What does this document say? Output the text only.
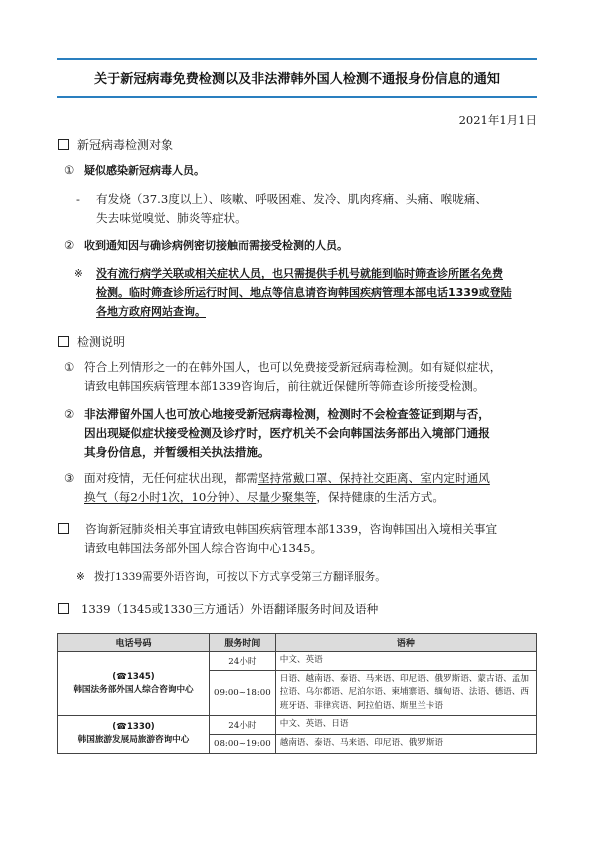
关于新冠病毒免费检测以及非法滞韩外国人检测不通报身份信息的通知
2021年1月1日
新冠病毒检测对象
① 疑似感染新冠病毒人员。
- 有发烧（37.3度以上）、咳嗽、呼吸困难、发冷、肌肉疼痛、头痛、喉咙痛、
失去味觉嗅觉、肺炎等症状。
② 收到通知因与确诊病例密切接触而需接受检测的人员。
※ 没有流行病学关联或相关症状人员，也只需提供手机号就能到临时筛查诊所匿名免费
检测。临时筛查诊所运行时间、地点等信息请咨询韩国疾病管理本部电话1339或登陆
各地方政府网站查询。
检测说明
① 符合上列情形之一的在韩外国人，也可以免费接受新冠病毒检测。如有疑似症状，
请致电韩国疾病管理本部1339咨询后，前往就近保健所等筛查诊所接受检测。
② 非法滞留外国人也可放心地接受新冠病毒检测，检测时不会检查签证到期与否，
因出现疑似症状接受检测及诊疗时，医疗机关不会向韩国法务部出入境部门通报
其身份信息，并暂缓相关执法措施。
③ 面对疫情，无任何症状出现，都需坚持常戴口罩、保持社交距离、室内定时通风
换气（每2小时1次，10分钟）、尽量少聚集等，保持健康的生活方式。
咨询新冠肺炎相关事宜请致电韩国疾病管理本部1339，咨询韩国出入境相关事宜
请致电韩国法务部外国人综合咨询中心1345。
※ 拨打1339需要外语咨询，可按以下方式享受第三方翻译服务。
1339（1345或1330三方通话）外语翻译服务时间及语种
电话号码	服务时间	语种

(☎1345)
韩国法务部外国人综合咨询中心	24小时	中文、英语
	09:00~18:00	日语、越南语、泰语、马来语、印尼语、俄罗斯语、蒙古语、孟加拉语、乌尔都语、尼泊尔语、柬埔寨语、缅甸语、法语、德语、西班牙语、菲律宾语、阿拉伯语、斯里兰卡语

(☎1330)
韩国旅游发展局旅游咨询中心	24小时	中文、英语、日语
	08:00~19:00	越南语、泰语、马来语、印尼语、俄罗斯语
